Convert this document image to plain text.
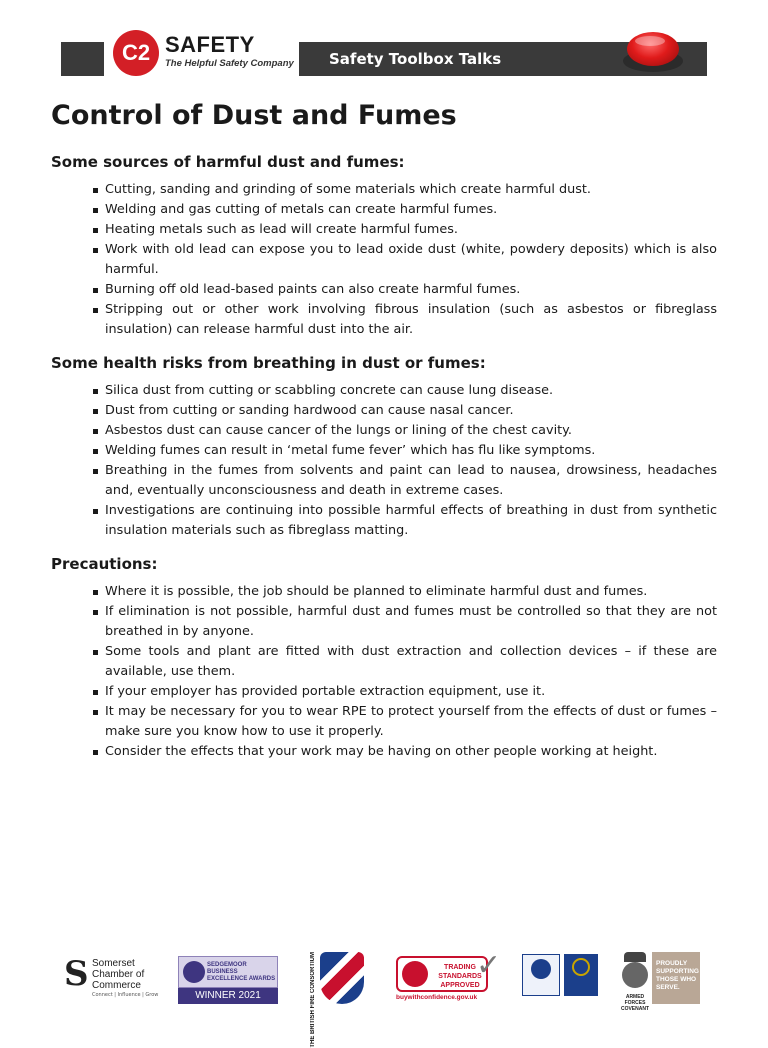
C2 SAFETY
The Helpful Safety Company Safety Toolbox Talks
Control of Dust and Fumes
Some sources of harmful dust and fumes:
Cutting, sanding and grinding of some materials which create harmful dust.
Welding and gas cutting of metals can create harmful fumes.
Heating metals such as lead will create harmful fumes.
Work with old lead can expose you to lead oxide dust (white, powdery deposits) which is also harmful.
Burning off old lead-based paints can also create harmful fumes.
Stripping out or other work involving fibrous insulation (such as asbestos or fibreglass insulation) can release harmful dust into the air.
Some health risks from breathing in dust or fumes:
Silica dust from cutting or scabbling concrete can cause lung disease.
Dust from cutting or sanding hardwood can cause nasal cancer.
Asbestos dust can cause cancer of the lungs or lining of the chest cavity.
Welding fumes can result in ‘metal fume fever’ which has flu like symptoms.
Breathing in the fumes from solvents and paint can lead to nausea, drowsiness, headaches and, eventually unconsciousness and death in extreme cases.
Investigations are continuing into possible harmful effects of breathing in dust from synthetic insulation materials such as fibreglass matting.
Precautions:
Where it is possible, the job should be planned to eliminate harmful dust and fumes.
If elimination is not possible, harmful dust and fumes must be controlled so that they are not breathed in by anyone.
Some tools and plant are fitted with dust extraction and collection devices – if these are available, use them.
If your employer has provided portable extraction equipment, use it.
It may be necessary for you to wear RPE to protect yourself from the effects of dust or fumes – make sure you know how to use it properly.
Consider the effects that your work may be having on other people working at height.
S Somerset
Chamber of
Commerce
Connect | Influence | Grow
SEDGEMOOR BUSINESS EXCELLENCE AWARDS
WINNER 2021	THE BRITISH FIRE CONSORTIUM	TRADING STANDARDS APPROVED
✓
buywithconfidence.gov.uk	ARMED FORCES COVENANT
PROUDLY SUPPORTING THOSE WHO SERVE.
